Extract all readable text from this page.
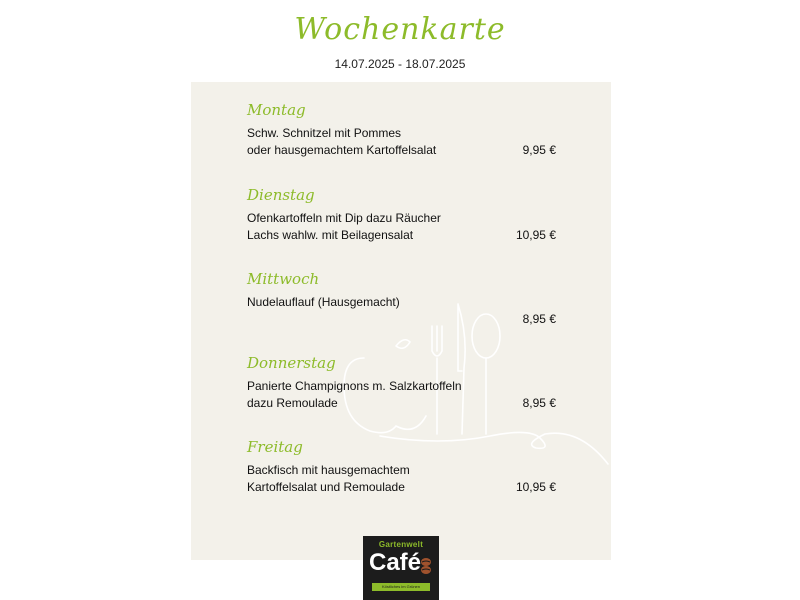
Wochenkarte
14.07.2025 - 18.07.2025
Montag
Schw. Schnitzel mit Pommes
oder hausgemachtem Kartoffelsalat	9,95 €
Dienstag
Ofenkartoffeln mit Dip dazu Räucher
Lachs wahlw. mit Beilagensalat	10,95 €
Mittwoch
Nudelauflauf (Hausgemacht)
8,95 €
Donnerstag
Panierte Champignons m. Salzkartoffeln
dazu Remoulade	8,95 €
Freitag
Backfisch mit hausgemachtem
Kartoffelsalat und Remoulade	10,95 €
Gartenwelt
Café
Köstliches im Grünen
